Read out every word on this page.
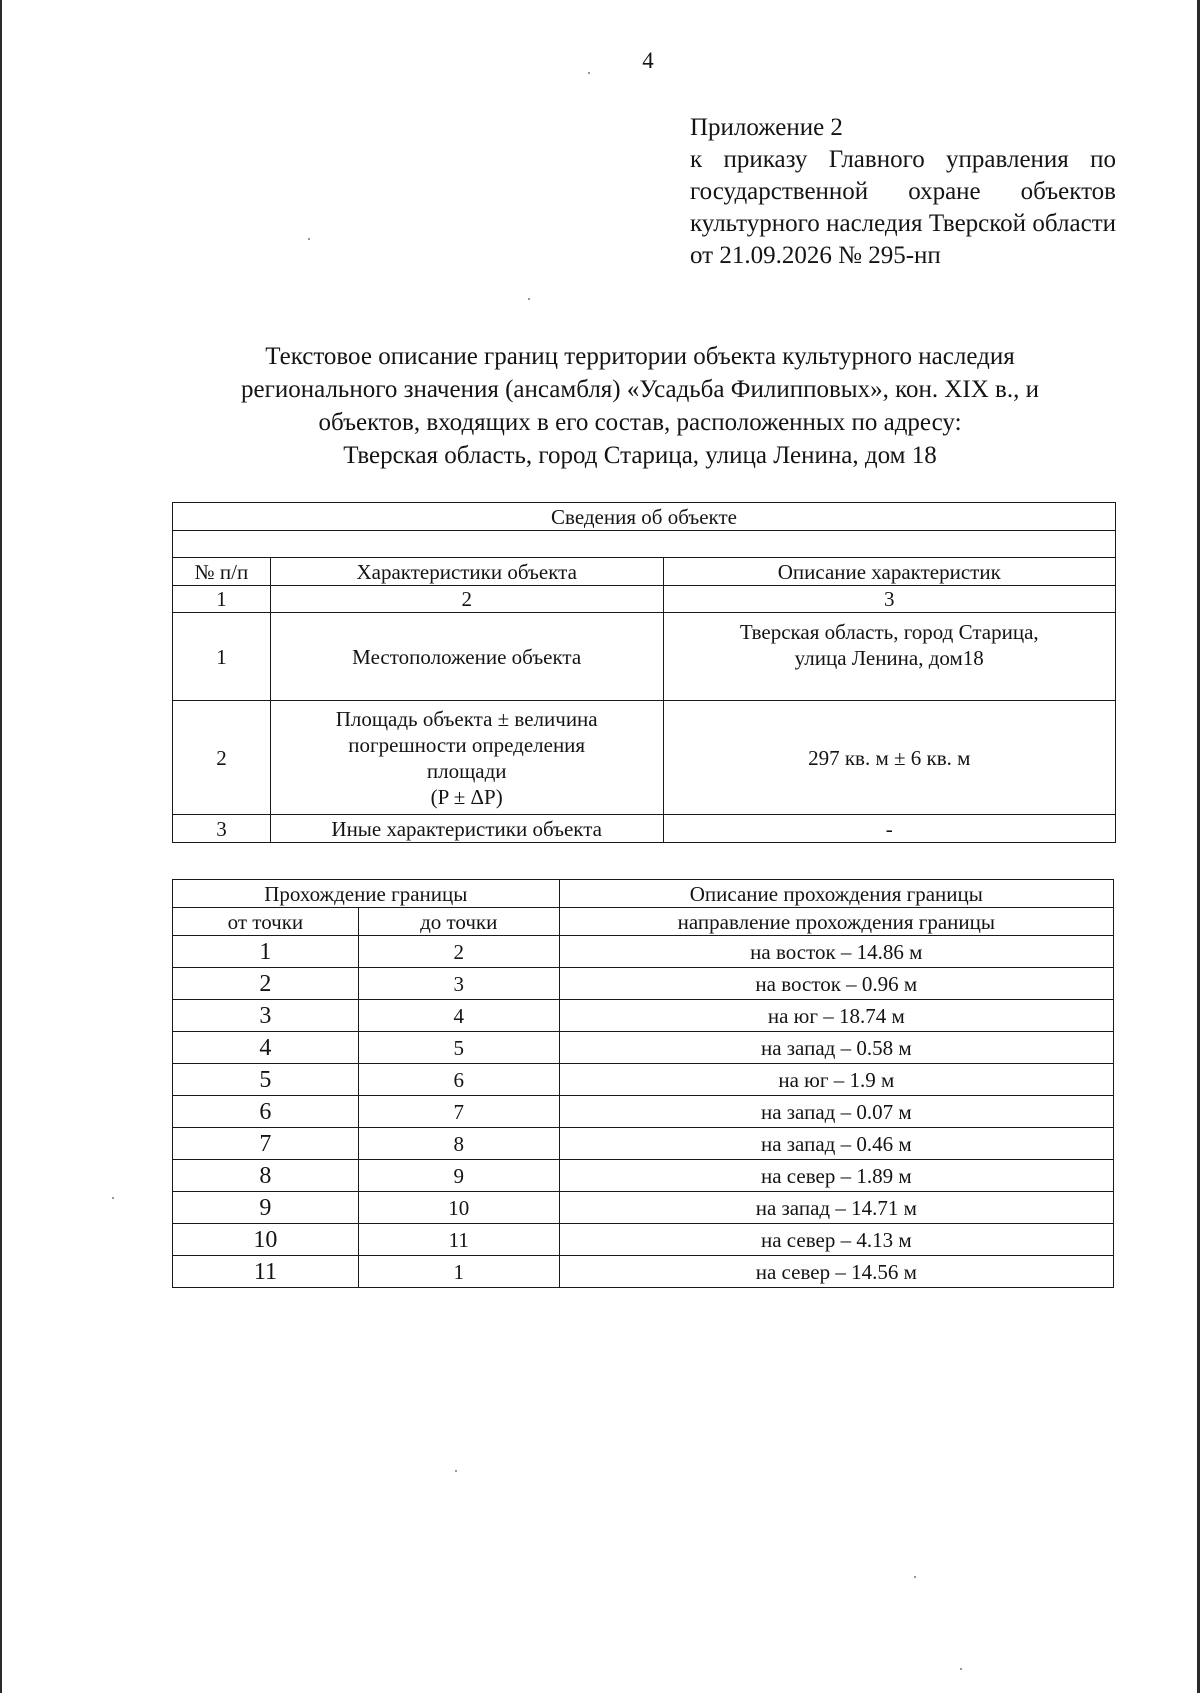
4
Приложение 2
к приказу Главного управления по государственной охране объектов культурного наследия Тверской области от 21.09.2026 № 295-нп
Текстовое описание границ территории объекта культурного наследия
регионального значения (ансамбля) «Усадьба Филипповых», кон. XIX в., и
объектов, входящих в его состав, расположенных по адресу:
Тверская область, город Старица, улица Ленина, дом 18
Сведения об объекте		

№ п/п	Характеристики объекта	Описание характеристик
1	2	3
1	Местоположение объекта	Тверская область, город Старица,
улица Ленина, дом18

2	Площадь объекта ± величина
погрешности определения
площади
(P ± ΔP)	297 кв. м ± 6 кв. м

3	Иные характеристики объекта	-
Прохождение границы		Описание прохождения границы
от точки	до точки	направление прохождения границы
1	2	на восток – 14.86 м
2	3	на восток – 0.96 м
3	4	на юг – 18.74 м
4	5	на запад – 0.58 м
5	6	на юг – 1.9 м
6	7	на запад – 0.07 м
7	8	на запад – 0.46 м
8	9	на север – 1.89 м
9	10	на запад – 14.71 м
10	11	на север – 4.13 м
11	1	на север – 14.56 м
